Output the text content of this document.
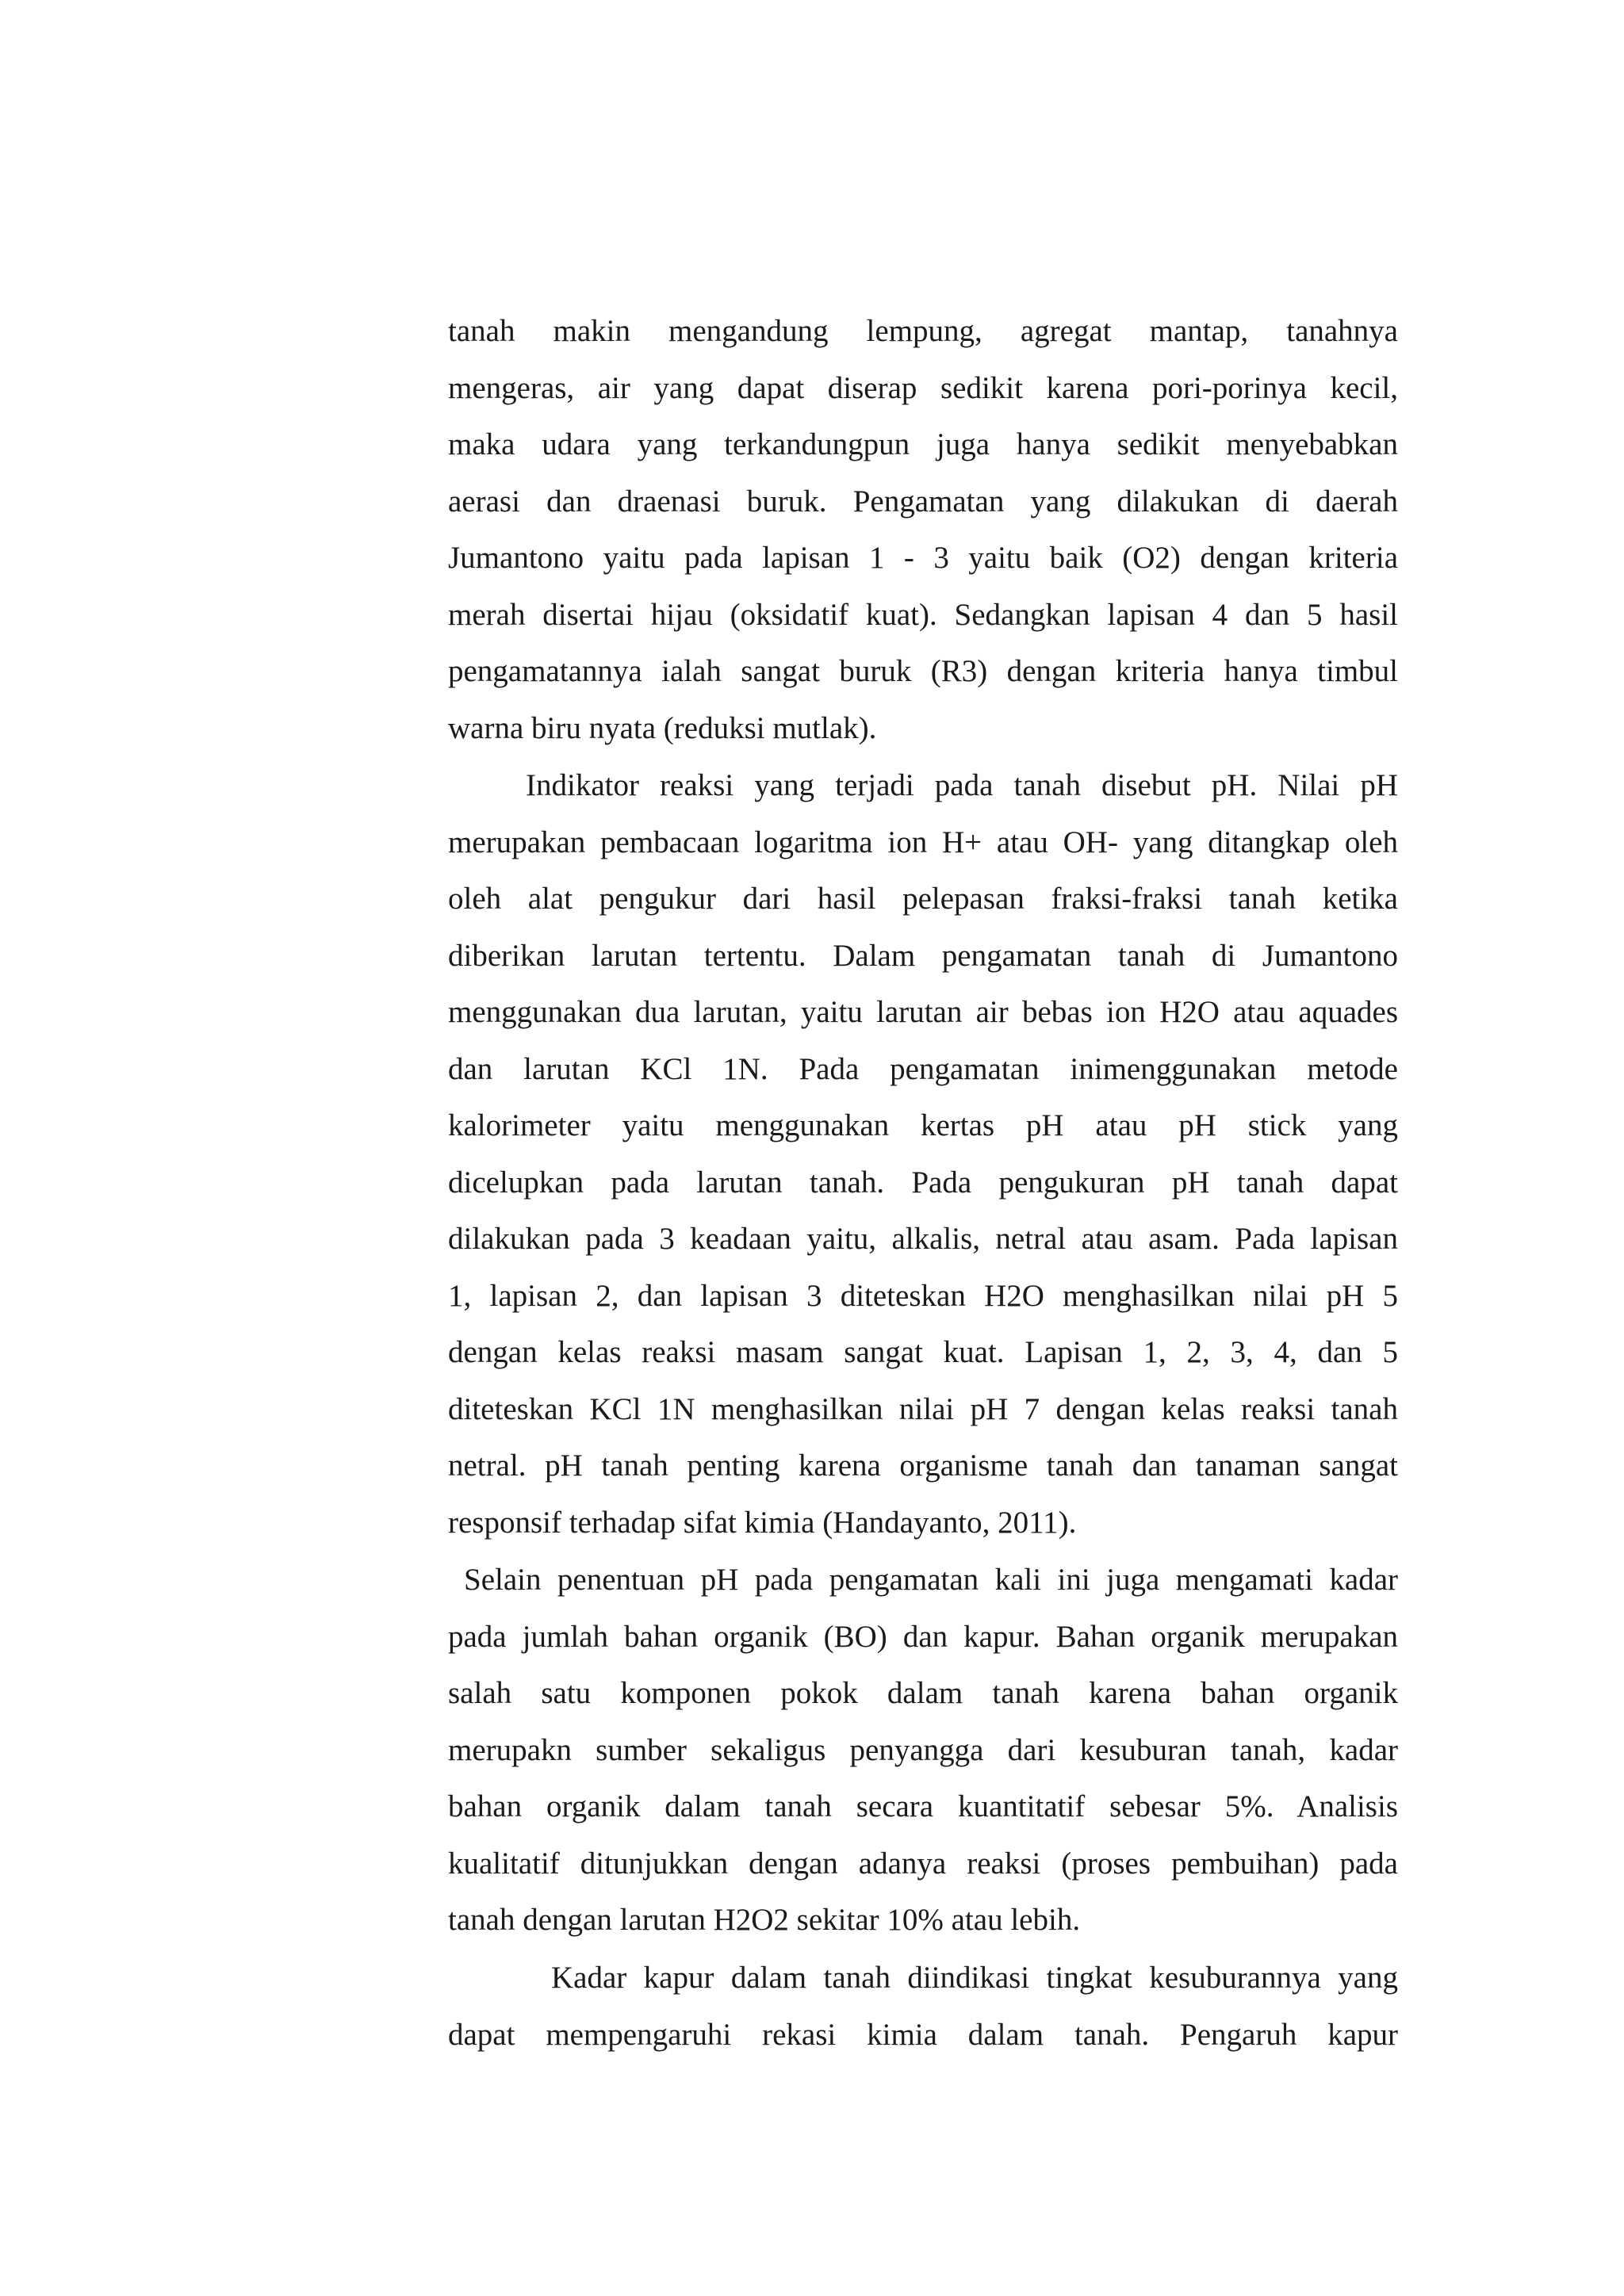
tanah makin mengandung lempung, agregat mantap, tanahnya
mengeras, air yang dapat diserap sedikit karena pori-porinya kecil,
maka udara yang terkandungpun juga hanya sedikit menyebabkan
aerasi dan draenasi buruk. Pengamatan yang dilakukan di daerah
Jumantono yaitu pada lapisan 1 - 3 yaitu baik (O2) dengan kriteria
merah disertai hijau (oksidatif kuat). Sedangkan lapisan 4 dan 5 hasil
pengamatannya ialah sangat buruk (R3) dengan kriteria hanya timbul
warna biru nyata (reduksi mutlak).
Indikator reaksi yang terjadi pada tanah disebut pH. Nilai pH
merupakan pembacaan logaritma ion H+ atau OH- yang ditangkap oleh
oleh alat pengukur dari hasil pelepasan fraksi-fraksi tanah ketika
diberikan larutan tertentu. Dalam pengamatan tanah di Jumantono
menggunakan dua larutan, yaitu larutan air bebas ion H2O atau aquades
dan larutan KCl 1N. Pada pengamatan inimenggunakan metode
kalorimeter yaitu menggunakan kertas pH atau pH stick yang
dicelupkan pada larutan tanah. Pada pengukuran pH tanah dapat
dilakukan pada 3 keadaan yaitu, alkalis, netral atau asam. Pada lapisan
1, lapisan 2, dan lapisan 3 diteteskan H2O menghasilkan nilai pH 5
dengan kelas reaksi masam sangat kuat. Lapisan 1, 2, 3, 4, dan 5
diteteskan KCl 1N menghasilkan nilai pH 7 dengan kelas reaksi tanah
netral. pH tanah penting karena organisme tanah dan tanaman sangat
responsif terhadap sifat kimia (Handayanto, 2011).
Selain penentuan pH pada pengamatan kali ini juga mengamati kadar
pada jumlah bahan organik (BO) dan kapur. Bahan organik merupakan
salah satu komponen pokok dalam tanah karena bahan organik
merupakn sumber sekaligus penyangga dari kesuburan tanah, kadar
bahan organik dalam tanah secara kuantitatif sebesar 5%. Analisis
kualitatif ditunjukkan dengan adanya reaksi (proses pembuihan) pada
tanah dengan larutan H2O2 sekitar 10% atau lebih.
Kadar kapur dalam tanah diindikasi tingkat kesuburannya yang
dapat mempengaruhi rekasi kimia dalam tanah. Pengaruh kapur
